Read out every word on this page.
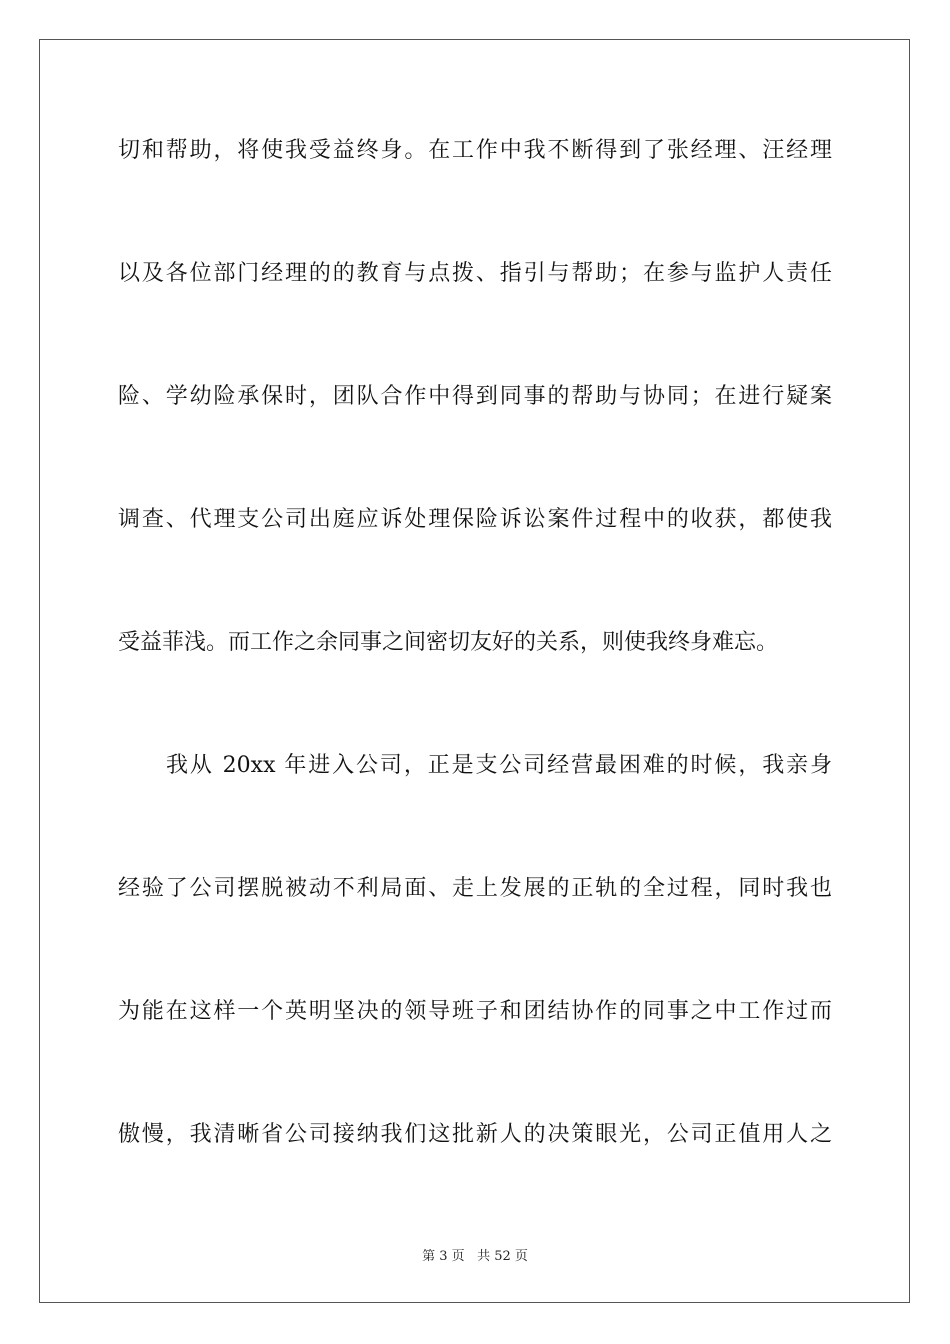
切和帮助，将使我受益终身。在工作中我不断得到了张经理、汪经理
以及各位部门经理的的教育与点拨、指引与帮助；在参与监护人责任
险、学幼险承保时，团队合作中得到同事的帮助与协同；在进行疑案
调查、代理支公司出庭应诉处理保险诉讼案件过程中的收获，都使我
受益菲浅。而工作之余同事之间密切友好的关系，则使我终身难忘。
我从 20xx 年进入公司，正是支公司经营最困难的时候，我亲身
经验了公司摆脱被动不利局面、走上发展的正轨的全过程，同时我也
为能在这样一个英明坚决的领导班子和团结协作的同事之中工作过而
傲慢，我清晰省公司接纳我们这批新人的决策眼光，公司正值用人之
第 3 页 共 52 页
